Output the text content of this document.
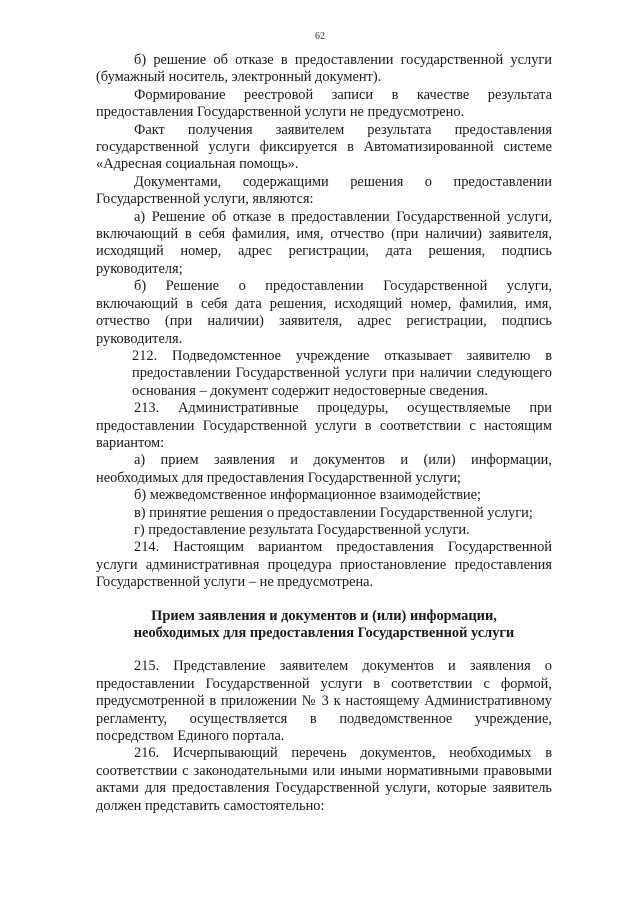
62

б) решение об отказе в предоставлении государственной услуги (бумажный носитель, электронный документ).

Формирование реестровой записи в качестве результата предоставления Государственной услуги не предусмотрено.

Факт получения заявителем результата предоставления государственной услуги фиксируется в Автоматизированной системе «Адресная социальная помощь».

Документами, содержащими решения о предоставлении Государственной услуги, являются:

а) Решение об отказе в предоставлении Государственной услуги, включающий в себя фамилия, имя, отчество (при наличии) заявителя, исходящий номер, адрес регистрации, дата решения, подпись руководителя;

б) Решение о предоставлении Государственной услуги, включающий в себя дата решения, исходящий номер, фамилия, имя, отчество (при наличии) заявителя, адрес регистрации, подпись руководителя.

212. Подведомстенное учреждение отказывает заявителю в предоставлении Государственной услуги при наличии следующего основания – документ содержит недостоверные сведения.

213. Административные процедуры, осуществляемые при предоставлении Государственной услуги в соответствии с настоящим вариантом:

а) прием заявления и документов и (или) информации, необходимых для предоставления Государственной услуги;

б) межведомственное информационное взаимодействие;

в) принятие решения о предоставлении Государственной услуги;

г) предоставление результата Государственной услуги.

214. Настоящим вариантом предоставления Государственной услуги административная процедура приостановление предоставления Государственной услуги – не предусмотрена.

Прием заявления и документов и (или) информации,
необходимых для предоставления Государственной услуги

215. Представление заявителем документов и заявления о предоставлении Государственной услуги в соответствии с формой, предусмотренной в приложении № 3 к настоящему Административному регламенту, осуществляется в подведомственное учреждение, посредством Единого портала.

216. Исчерпывающий перечень документов, необходимых в соответствии с законодательными или иными нормативными правовыми актами для предоставления Государственной услуги, которые заявитель должен представить самостоятельно:
